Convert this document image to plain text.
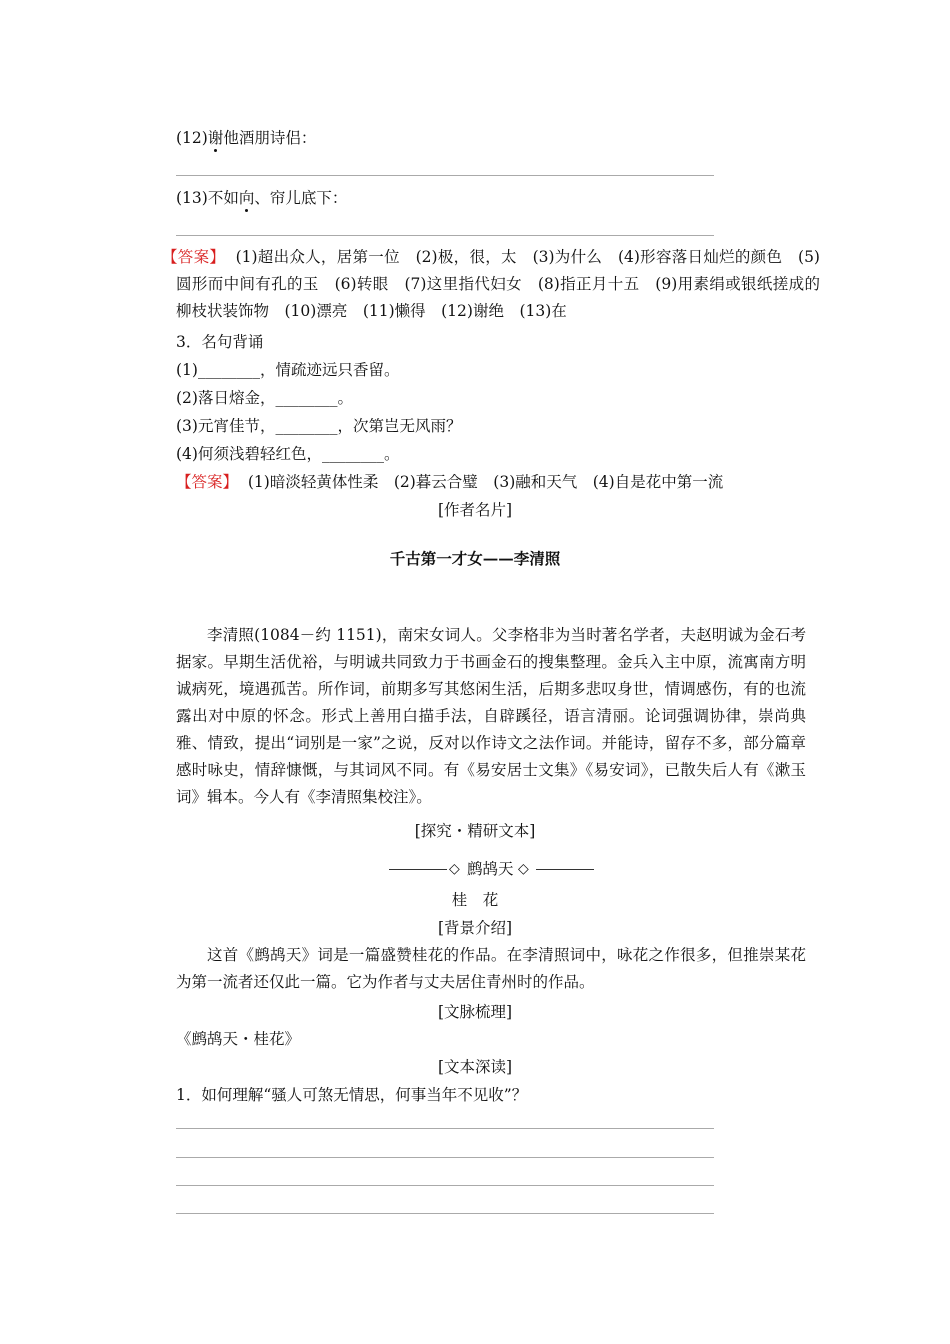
(12)谢他酒朋诗侣：
(13)不如向、帘儿底下：
【答案】 (1)超出众人，居第一位　(2)极，很，太　(3)为什么　(4)形容落日灿烂的颜色　(5)圆形而中间有孔的玉　(6)转眼　(7)这里指代妇女　(8)指正月十五　(9)用素绢或银纸搓成的柳枝状装饰物　(10)漂亮　(11)懒得　(12)谢绝　(13)在
3．名句背诵
(1)________，情疏迹远只香留。
(2)落日熔金，________。
(3)元宵佳节，________，次第岂无风雨？
(4)何须浅碧轻红色，________。
【答案】 (1)暗淡轻黄体性柔　(2)暮云合璧　(3)融和天气　(4)自是花中第一流
[作者名片]
千古第一才女——李清照
李清照(1084－约 1151)，南宋女词人。父李格非为当时著名学者，夫赵明诚为金石考据家。早期生活优裕，与明诚共同致力于书画金石的搜集整理。金兵入主中原，流寓南方明诚病死，境遇孤苦。所作词，前期多写其悠闲生活，后期多悲叹身世，情调感伤，有的也流露出对中原的怀念。形式上善用白描手法，自辟蹊径，语言清丽。论词强调协律，崇尚典雅、情致，提出“词别是一家”之说，反对以作诗文之法作词。并能诗，留存不多，部分篇章感时咏史，情辞慷慨，与其词风不同。有《易安居士文集》《易安词》，已散失后人有《漱玉词》辑本。今人有《李清照集校注》。
[探究・精研文本]
◇ 鹧鸪天 ◇
桂　花
[背景介绍]
这首《鹧鸪天》词是一篇盛赞桂花的作品。在李清照词中，咏花之作很多，但推崇某花为第一流者还仅此一篇。它为作者与丈夫居住青州时的作品。
[文脉梳理]
《鹧鸪天・桂花》
[文本深读]
1．如何理解“骚人可煞无情思，何事当年不见收”？
